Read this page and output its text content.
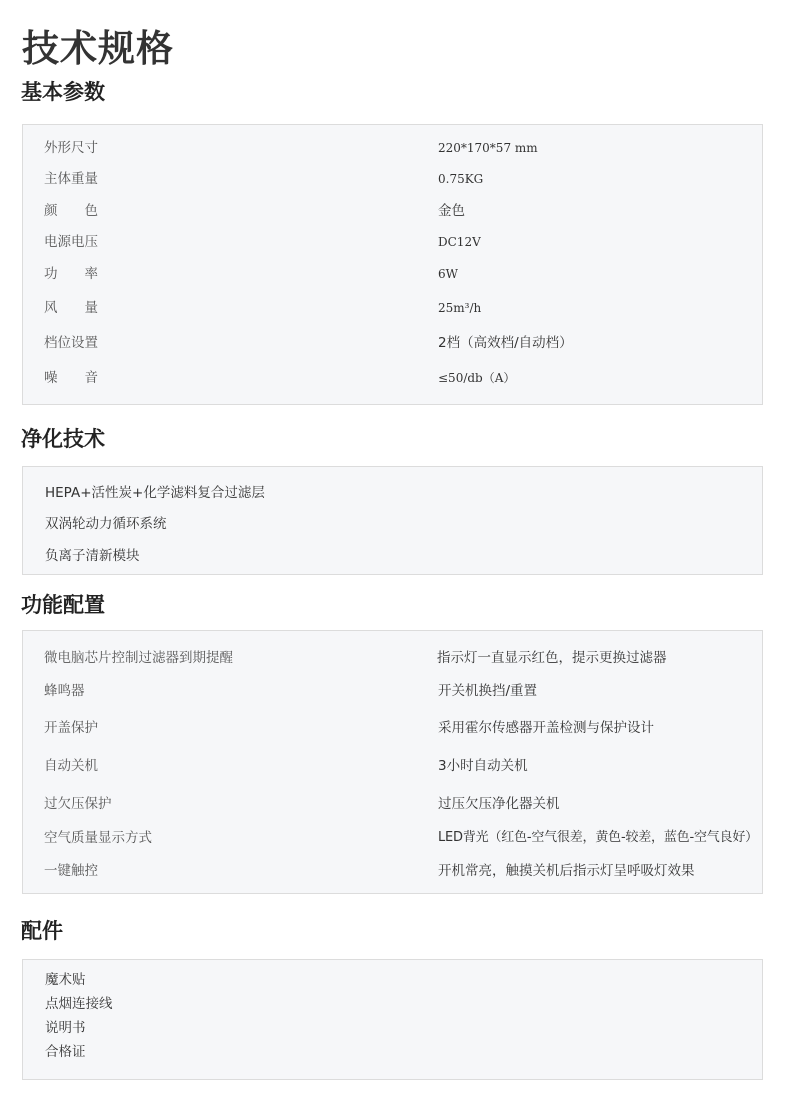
技术规格
基本参数
外形尺寸	220*170*57 mm
主体重量	0.75KG
颜　　色	金色
电源电压	DC12V
功　　率	6W
风　　量	25m³/h
档位设置	2档（高效档/自动档）
噪　　音	≤50/db（A）
净化技术
HEPA+活性炭+化学滤料复合过滤层
双涡轮动力循环系统
负离子清新模块
功能配置
微电脑芯片控制过滤器到期提醒	指示灯一直显示红色，提示更换过滤器
蜂鸣器	开关机换挡/重置
开盖保护	采用霍尔传感器开盖检测与保护设计
自动关机	3小时自动关机
过欠压保护	过压欠压净化器关机
空气质量显示方式	LED背光（红色-空气很差，黄色-较差，蓝色-空气良好）
一键触控	开机常亮，触摸关机后指示灯呈呼吸灯效果
配件
魔术贴
点烟连接线
说明书
合格证
